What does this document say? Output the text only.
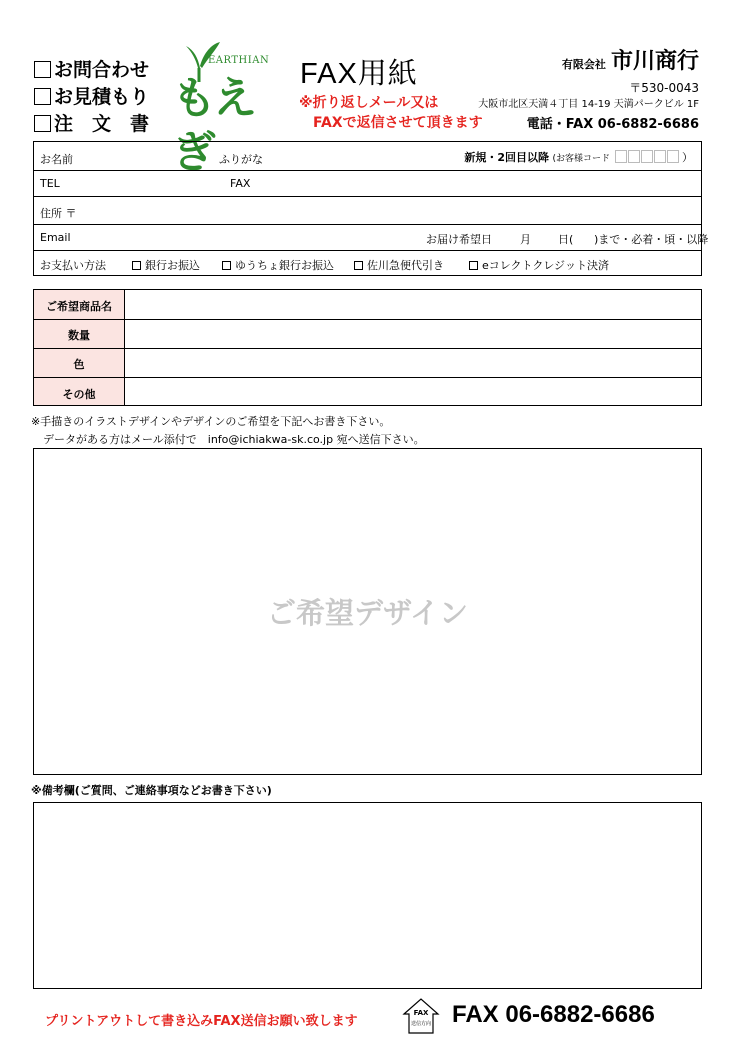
お問合わせ
お見積もり
注　文　書
EARTHIAN
もえぎ
FAX用紙
※折り返しメール又は
FAXで返信させて頂きます
有限会社 市川商行
〒530-0043
大阪市北区天満４丁目 14-19 天満パークビル 1F
電話・FAX 06-6882-6686
お名前	ふりがな	新規・2回目以降 (お客様コード	）
TEL	FAX
住所 〒
Email	お届け希望日	月 日( )まで・必着・頃・以降
お支払い方法	銀行お振込	ゆうちょ銀行お振込	佐川急便代引き	eコレクトクレジット決済
ご希望商品名
数量
色
その他
※手描きのイラストデザインやデザインのご希望を下記へお書き下さい。
データがある方はメール添付で　info@ichiakwa-sk.co.jp 宛へ送信下さい。
ご希望デザイン
※備考欄(ご質問、ご連絡事項などお書き下さい)
プリントアウトして書き込みFAX送信お願い致します
FAX
送信方向 FAX 06-6882-6686
